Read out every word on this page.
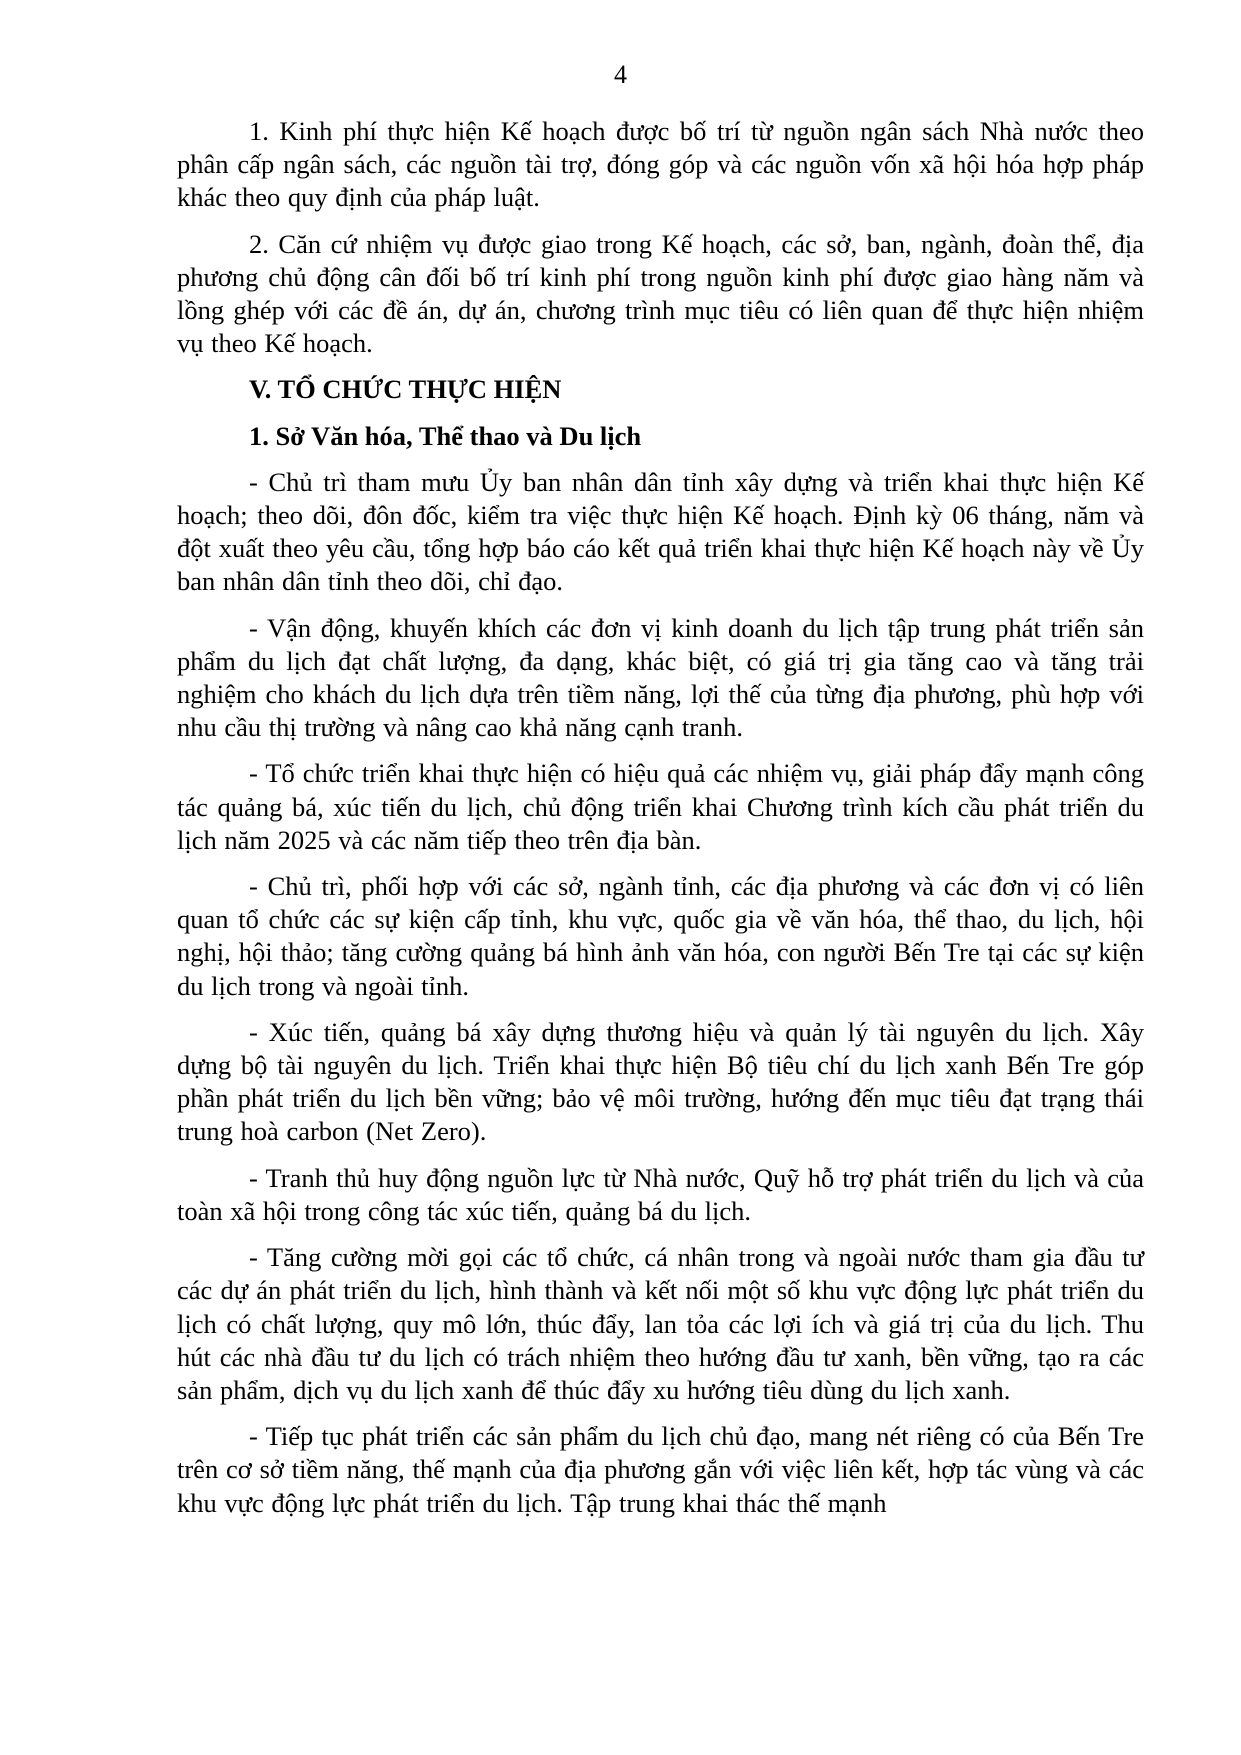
4

1. Kinh phí thực hiện Kế hoạch được bố trí từ nguồn ngân sách Nhà nước theo phân cấp ngân sách, các nguồn tài trợ, đóng góp và các nguồn vốn xã hội hóa hợp pháp khác theo quy định của pháp luật.

2. Căn cứ nhiệm vụ được giao trong Kế hoạch, các sở, ban, ngành, đoàn thể, địa phương chủ động cân đối bố trí kinh phí trong nguồn kinh phí được giao hàng năm và lồng ghép với các đề án, dự án, chương trình mục tiêu có liên quan để thực hiện nhiệm vụ theo Kế hoạch.

V. TỔ CHỨC THỰC HIỆN

1. Sở Văn hóa, Thể thao và Du lịch

- Chủ trì tham mưu Ủy ban nhân dân tỉnh xây dựng và triển khai thực hiện Kế hoạch; theo dõi, đôn đốc, kiểm tra việc thực hiện Kế hoạch. Định kỳ 06 tháng, năm và đột xuất theo yêu cầu, tổng hợp báo cáo kết quả triển khai thực hiện Kế hoạch này về Ủy ban nhân dân tỉnh theo dõi, chỉ đạo.

- Vận động, khuyến khích các đơn vị kinh doanh du lịch tập trung phát triển sản phẩm du lịch đạt chất lượng, đa dạng, khác biệt, có giá trị gia tăng cao và tăng trải nghiệm cho khách du lịch dựa trên tiềm năng, lợi thế của từng địa phương, phù hợp với nhu cầu thị trường và nâng cao khả năng cạnh tranh.

- Tổ chức triển khai thực hiện có hiệu quả các nhiệm vụ, giải pháp đẩy mạnh công tác quảng bá, xúc tiến du lịch, chủ động triển khai Chương trình kích cầu phát triển du lịch năm 2025 và các năm tiếp theo trên địa bàn.

- Chủ trì, phối hợp với các sở, ngành tỉnh, các địa phương và các đơn vị có liên quan tổ chức các sự kiện cấp tỉnh, khu vực, quốc gia về văn hóa, thể thao, du lịch, hội nghị, hội thảo; tăng cường quảng bá hình ảnh văn hóa, con người Bến Tre tại các sự kiện du lịch trong và ngoài tỉnh.

- Xúc tiến, quảng bá xây dựng thương hiệu và quản lý tài nguyên du lịch. Xây dựng bộ tài nguyên du lịch. Triển khai thực hiện Bộ tiêu chí du lịch xanh Bến Tre góp phần phát triển du lịch bền vững; bảo vệ môi trường, hướng đến mục tiêu đạt trạng thái trung hoà carbon (Net Zero).

- Tranh thủ huy động nguồn lực từ Nhà nước, Quỹ hỗ trợ phát triển du lịch và của toàn xã hội trong công tác xúc tiến, quảng bá du lịch.

- Tăng cường mời gọi các tổ chức, cá nhân trong và ngoài nước tham gia đầu tư các dự án phát triển du lịch, hình thành và kết nối một số khu vực động lực phát triển du lịch có chất lượng, quy mô lớn, thúc đẩy, lan tỏa các lợi ích và giá trị của du lịch. Thu hút các nhà đầu tư du lịch có trách nhiệm theo hướng đầu tư xanh, bền vững, tạo ra các sản phẩm, dịch vụ du lịch xanh để thúc đẩy xu hướng tiêu dùng du lịch xanh.

- Tiếp tục phát triển các sản phẩm du lịch chủ đạo, mang nét riêng có của Bến Tre trên cơ sở tiềm năng, thế mạnh của địa phương gắn với việc liên kết, hợp tác vùng và các khu vực động lực phát triển du lịch. Tập trung khai thác thế mạnh
